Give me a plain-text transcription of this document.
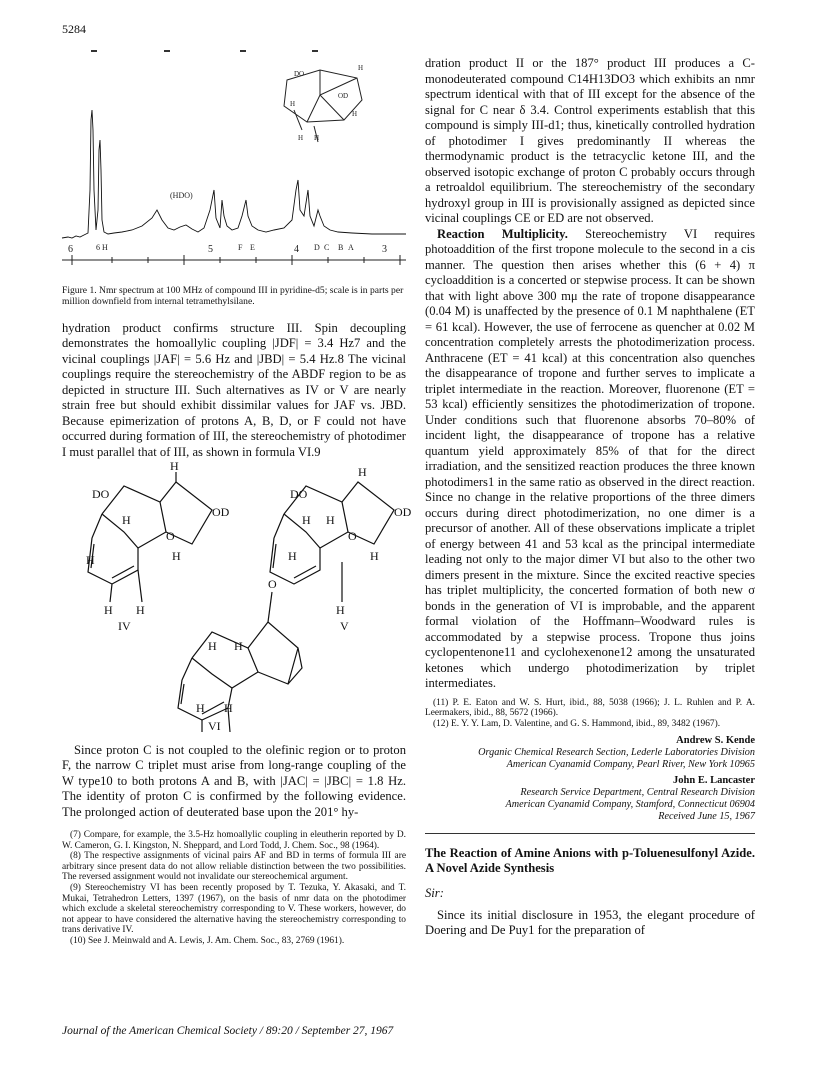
5284
DO
H
OD
H
H
H H
(HDO)
6 H	F E	D C B A
6	5	4	3
Figure 1. Nmr spectrum at 100 MHz of compound III in pyridine-d5; scale is in parts per million downfield from internal tetramethylsilane.

hydration product confirms structure III. Spin decoupling demonstrates the homoallylic coupling |JDF| = 3.4 Hz7 and the vicinal couplings |JAF| = 5.6 Hz and |JBD| = 5.4 Hz.8 The vicinal couplings require the stereochemistry of the ABDF region to be as depicted in structure III. Such alternatives as IV or V are nearly strain free but should exhibit dissimilar values for JAF vs. JBD. Because epimerization of protons A, B, D, or F could not have occurred during formation of III, the stereochemistry of photodimer I must parallel that of III, as shown in formula VI.9

H
DO
OD
H
O
H
H
H H
IV
H
DO
OD
H H
O
H
H
H
V
O
H H
H H
VI

Since proton C is not coupled to the olefinic region or to proton F, the narrow C triplet must arise from long-range coupling of the W type10 to both protons A and B, with |JAC| = |JBC| = 1.8 Hz. The identity of proton C is confirmed by the following evidence. The prolonged action of deuterated base upon the 201° hy-

(7) Compare, for example, the 3.5-Hz homoallylic coupling in eleutherin reported by D. W. Cameron, G. I. Kingston, N. Sheppard, and Lord Todd, J. Chem. Soc., 98 (1964).

(8) The respective assignments of vicinal pairs AF and BD in terms of formula III are arbitrary since present data do not allow reliable distinction between the two possibilities. The reversed assignment would not invalidate our stereochemical argument.

(9) Stereochemistry VI has been recently proposed by T. Tezuka, Y. Akasaki, and T. Mukai, Tetrahedron Letters, 1397 (1967), on the basis of nmr data on the photodimer which exclude a skeletal stereochemistry corresponding to V. These workers, however, do not appear to have considered the alternative having the stereochemistry corresponding to trans derivative IV.

(10) See J. Meinwald and A. Lewis, J. Am. Chem. Soc., 83, 2769 (1961).

dration product II or the 187° product III produces a C-monodeuterated compound C14H13DO3 which exhibits an nmr spectrum identical with that of III except for the absence of the signal for C near δ 3.4. Control experiments establish that this compound is simply III-d1; thus, kinetically controlled hydration of photodimer I gives predominantly II whereas the thermodynamic product is the tetracyclic ketone III, and the observed isotopic exchange of proton C probably occurs through a retroaldol equilibrium. The stereochemistry of the secondary hydroxyl group in III is provisionally assigned as depicted since vicinal couplings CE or ED are not observed.

Reaction Multiplicity. Stereochemistry VI requires photoaddition of the first tropone molecule to the second in a cis manner. The question then arises whether this (6 + 4) π cycloaddition is a concerted or stepwise process. It can be shown that with light above 300 mμ the rate of tropone disappearance (0.04 M) is unaffected by the presence of 0.1 M naphthalene (ET = 61 kcal). However, the use of ferrocene as quencher at 0.02 M concentration completely arrests the photodimerization process. Anthracene (ET = 41 kcal) at this concentration also quenches the disappearance of tropone and further serves to implicate a triplet intermediate in the reaction. Moreover, fluorenone (ET = 53 kcal) efficiently sensitizes the photodimerization of tropone. Under conditions such that fluorenone absorbs 70–80% of incident light, the disappearance of tropone has a relative quantum yield approximately 85% of that for the direct irradiation, and the sensitized reaction produces the three known photodimers1 in the same ratio as observed in the direct reaction. Since no change in the relative proportions of the three dimers occurs during direct photodimerization, no one dimer is a precursor of another. All of these observations implicate a triplet of energy between 41 and 53 kcal as the principal intermediate leading not only to the major dimer VI but also to the other two dimers present in the mixture. Since the excited reactive species has triplet multiplicity, the concerted formation of both new σ bonds in the generation of VI is improbable, and the apparent formal violation of the Hoffmann–Woodward rules is accommodated by a stepwise process. Tropone thus joins cyclopentenone11 and cyclohexenone12 among the unsaturated ketones which undergo photodimerization by triplet intermediates.

(11) P. E. Eaton and W. S. Hurt, ibid., 88, 5038 (1966); J. L. Ruhlen and P. A. Leermakers, ibid., 88, 5672 (1966).

(12) E. Y. Y. Lam, D. Valentine, and G. S. Hammond, ibid., 89, 3482 (1967).

Andrew S. Kende
Organic Chemical Research Section, Lederle Laboratories Division
American Cyanamid Company, Pearl River, New York 10965
John E. Lancaster
Research Service Department, Central Research Division
American Cyanamid Company, Stamford, Connecticut 06904
Received June 15, 1967

The Reaction of Amine Anions with p-Toluenesulfonyl Azide. A Novel Azide Synthesis

Sir:

Since its initial disclosure in 1953, the elegant procedure of Doering and De Puy1 for the preparation of

Journal of the American Chemical Society / 89:20 / September 27, 1967
